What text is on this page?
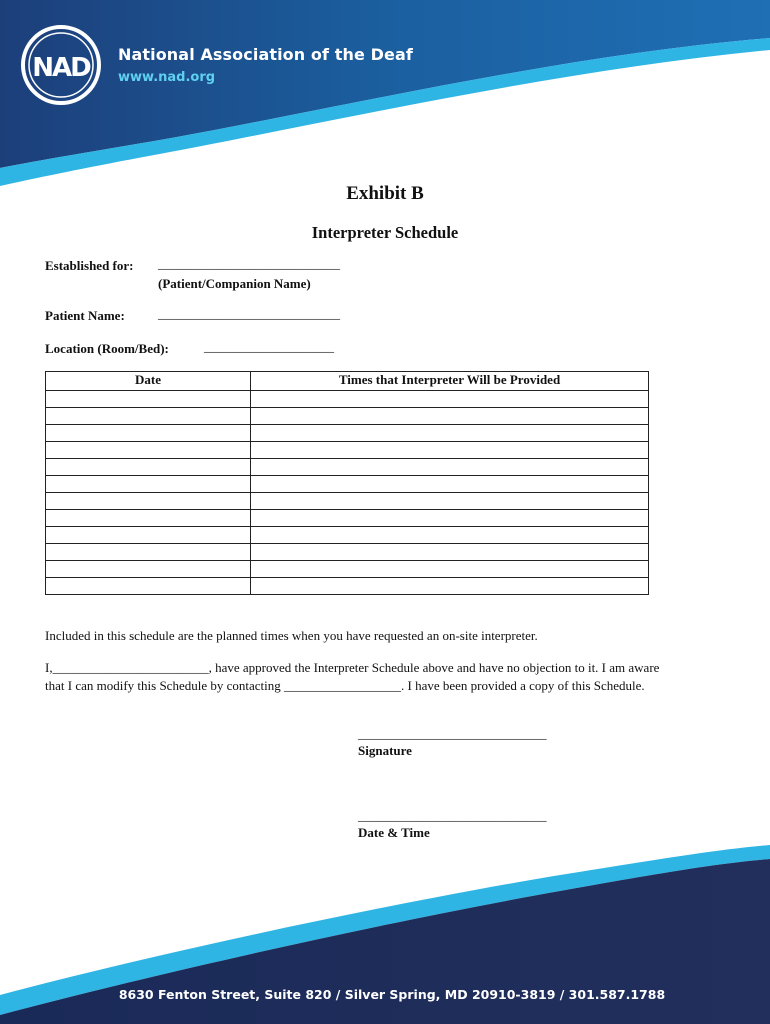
NAD National Association of the Deaf
www.nad.org
Exhibit B
Interpreter Schedule
Established for: ____________________________
(Patient/Companion Name)
Patient Name:	____________________________
Location (Room/Bed):	____________________
Date	Times that Interpreter Will be Provided

Included in this schedule are the planned times when you have requested an on-site interpreter.
I,________________________, have approved the Interpreter Schedule above and have no objection to it. I am aware
that I can modify this Schedule by contacting __________________. I have been provided a copy of this Schedule.
_____________________________
Signature
_____________________________
Date & Time
8630 Fenton Street, Suite 820 / Silver Spring, MD 20910-3819 / 301.587.1788
